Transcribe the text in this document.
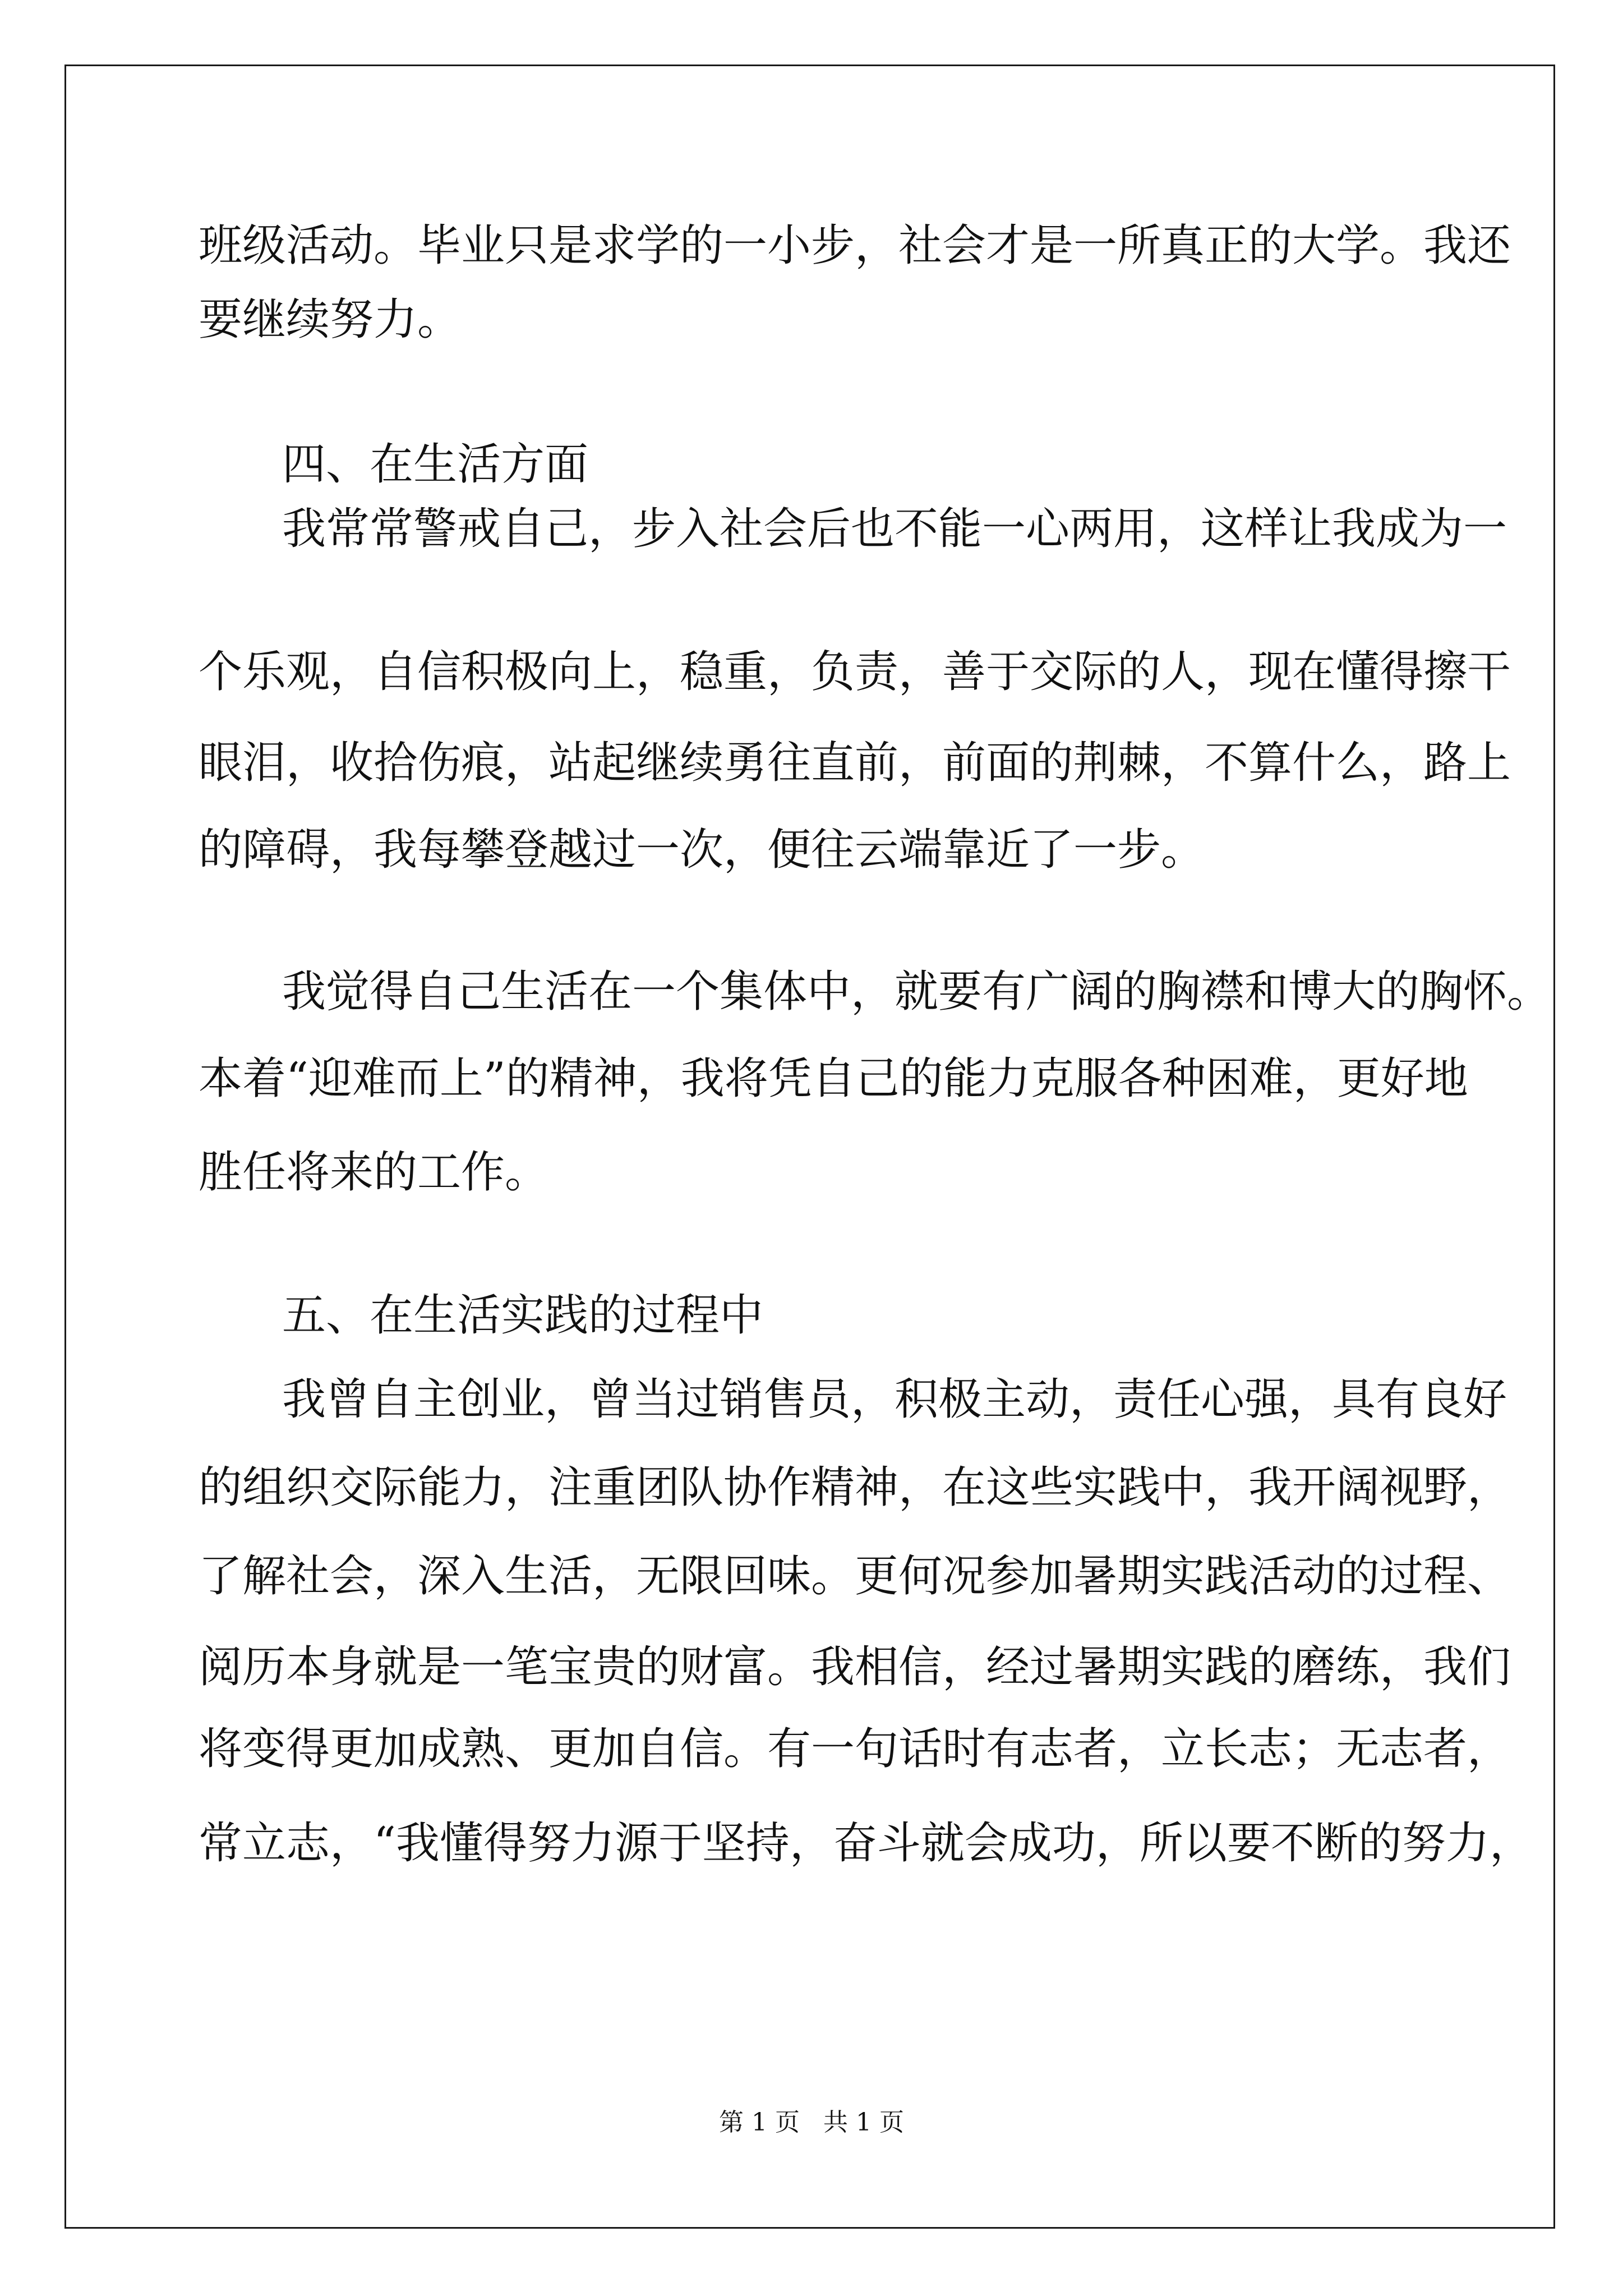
班级活动。毕业只是求学的一小步，社会才是一所真正的大学。我还

要继续努力。

四、在生活方面

我常常警戒自己，步入社会后也不能一心两用，这样让我成为一

个乐观，自信积极向上，稳重，负责，善于交际的人，现在懂得擦干

眼泪，收拾伤痕，站起继续勇往直前，前面的荆棘，不算什么，路上

的障碍，我每攀登越过一次，便往云端靠近了一步。

我觉得自己生活在一个集体中，就要有广阔的胸襟和博大的胸怀。

本着“迎难而上”的精神，我将凭自己的能力克服各种困难，更好地

胜任将来的工作。

五、在生活实践的过程中

我曾自主创业，曾当过销售员，积极主动，责任心强，具有良好

的组织交际能力，注重团队协作精神，在这些实践中，我开阔视野，

了解社会，深入生活，无限回味。更何况参加暑期实践活动的过程、

阅历本身就是一笔宝贵的财富。我相信，经过暑期实践的磨练，我们

将变得更加成熟、更加自信。有一句话时有志者，立长志；无志者，

常立志，“我懂得努力源于坚持，奋斗就会成功，所以要不断的努力，

第 1 页   共 1 页
